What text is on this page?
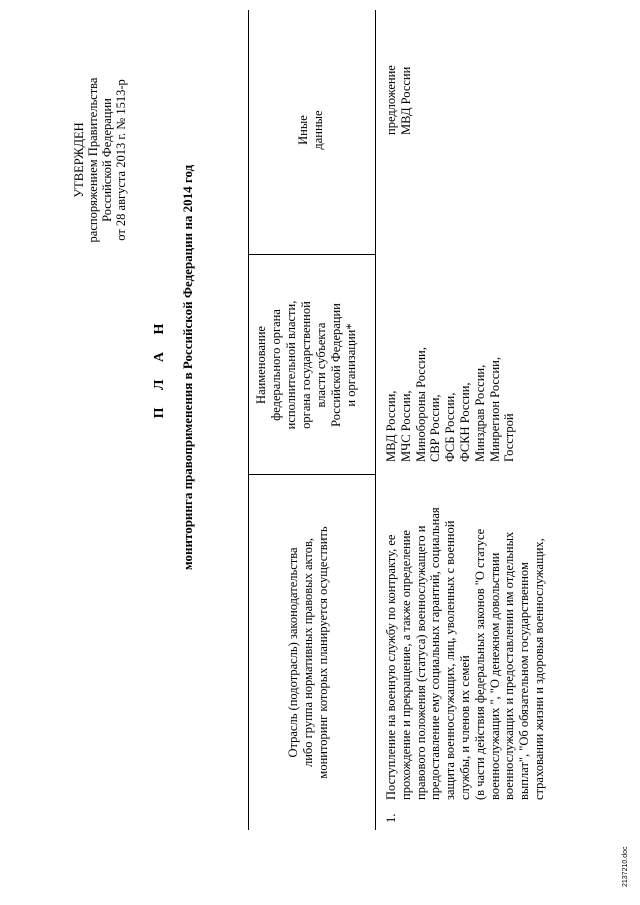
УТВЕРЖДЕН распоряжением Правительства Российской Федерации от 28 августа 2013 г. № 1513-р
П Л А Н мониторинга правоприменения в Российской Федерации на 2014 год
Отрасль (подотрасль) законодательства либо группа нормативных правовых актов, мониторинг которых планируется осуществить
Наименование федерального органа исполнительной власти, органа государственной власти субъекта Российской Федерации и организации*
Иные данные
1.
Поступление на военную службу по контракту, ее прохождение и прекращение, а также определение правового положения (статуса) военнослужащего и предоставление ему социальных гарантий, социальная защита военнослужащих, лиц, уволенных с военной службы, и членов их семей (в части действия федеральных законов "О статусе военнослужащих ", "О денежном довольствии военнослужащих и предоставлении им отдельных выплат", "Об обязательном государственном страховании жизни и здоровья военнослужащих,
МВД России, МЧС России, Минобороны России, СВР России, ФСБ России, ФСКН России, Минздрав России, Минрегион России, Госстрой
предложение МВД России
2137210.doc
